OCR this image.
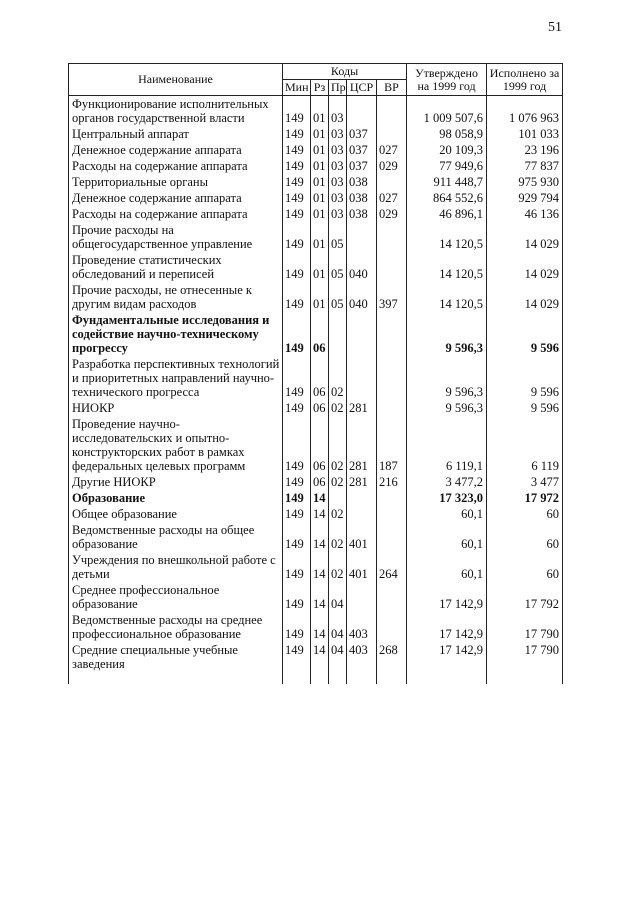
51
Наименование	Коды					Утверждено на 1999 год	Исполнено за 1999 год
	Мин	Рз	Пр	ЦСР	ВР		
Функционирование исполнительных органов государственной власти	149	01	03			1 009 507,6	1 076 963
Центральный аппарат	149	01	03	037		98 058,9	101 033
Денежное содержание аппарата	149	01	03	037	027	20 109,3	23 196
Расходы на содержание аппарата	149	01	03	037	029	77 949,6	77 837
Территориальные органы	149	01	03	038		911 448,7	975 930
Денежное содержание аппарата	149	01	03	038	027	864 552,6	929 794
Расходы на содержание аппарата	149	01	03	038	029	46 896,1	46 136
Прочие расходы на общегосударственное управление	149	01	05			14 120,5	14 029
Проведение статистических обследований и переписей	149	01	05	040		14 120,5	14 029
Прочие расходы, не отнесенные к другим видам расходов	149	01	05	040	397	14 120,5	14 029
Фундаментальные исследования и содействие научно-техническому прогрессу	149	06				9 596,3	9 596
Разработка перспективных технологий и приоритетных направлений научно-технического прогресса	149	06	02			9 596,3	9 596
НИОКР	149	06	02	281		9 596,3	9 596
Проведение научно-исследовательских и опытно-конструкторских работ в рамках федеральных целевых программ	149	06	02	281	187	6 119,1	6 119
Другие НИОКР	149	06	02	281	216	3 477,2	3 477
Образование	149	14				17 323,0	17 972
Общее образование	149	14	02			60,1	60
Ведомственные расходы на общее образование	149	14	02	401		60,1	60
Учреждения по внешкольной работе с детьми	149	14	02	401	264	60,1	60
Среднее профессиональное образование	149	14	04			17 142,9	17 792
Ведомственные расходы на среднее профессиональное образование	149	14	04	403		17 142,9	17 790
Средние специальные учебные заведения	149	14	04	403	268	17 142,9	17 790
